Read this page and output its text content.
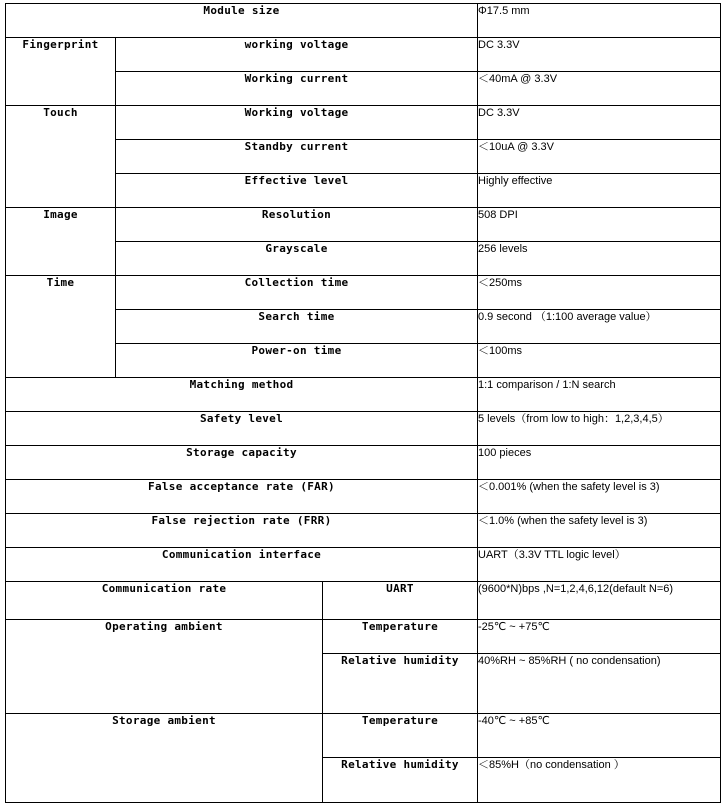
Module size			Φ17.5 mm
Fingerprint	working voltage		DC 3.3V
	Working current		＜40mA @ 3.3V
Touch	Working voltage		DC 3.3V
	Standby current		＜10uA @ 3.3V
	Effective level		Highly effective
Image	Resolution		508 DPI
	Grayscale		256 levels
Time	Collection time		＜250ms
	Search time		0.9 second （1:100 average value）
	Power-on time		＜100ms
Matching method			1:1 comparison / 1:N search
Safety level			5 levels（from low to high：1,2,3,4,5）
Storage capacity			100 pieces
False acceptance rate (FAR)			＜0.001% (when the safety level is 3)
False rejection rate (FRR)			＜1.0% (when the safety level is 3)
Communication interface			UART（3.3V TTL logic level）
Communication rate		UART	(9600*N)bps ,N=1,2,4,6,12(default N=6)
Operating ambient		Temperature	-25℃ ~ +75℃
		Relative humidity	40%RH ~ 85%RH ( no condensation)
Storage ambient		Temperature	-40℃ ~ +85℃
		Relative humidity	＜85%H（no condensation ）
